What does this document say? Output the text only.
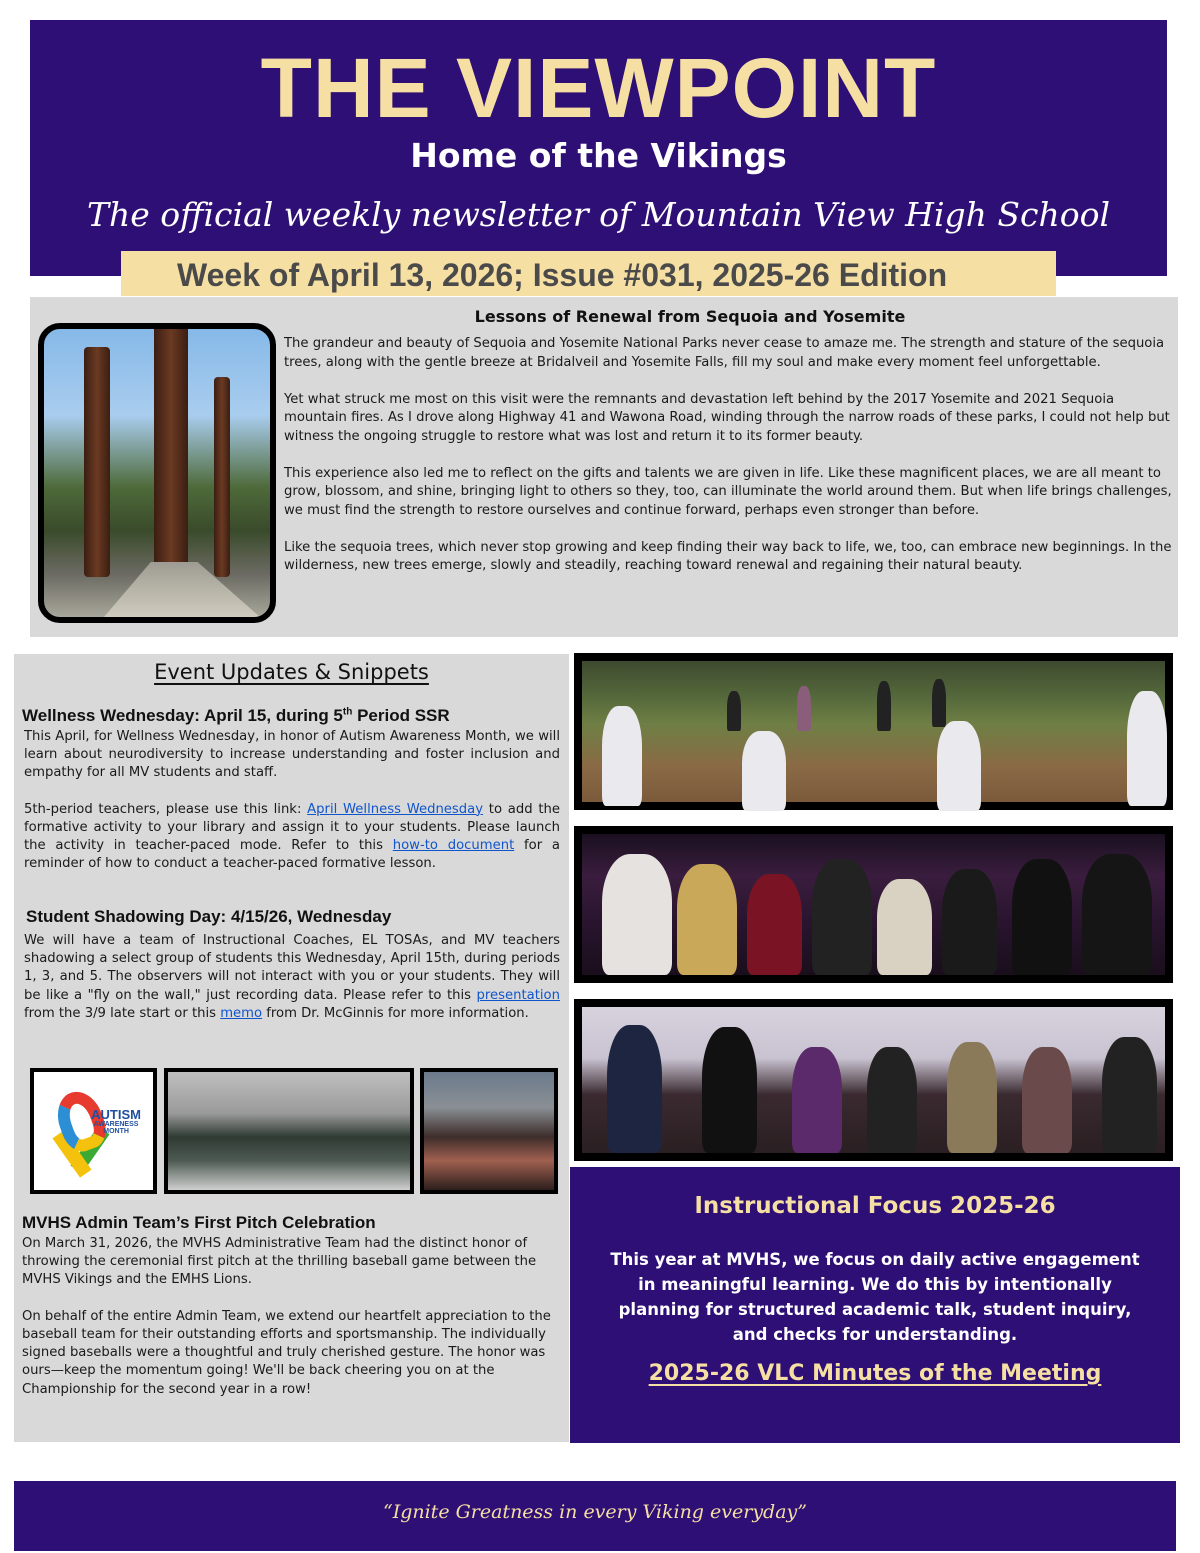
THE VIEWPOINT
Home of the Vikings
The official weekly newsletter of Mountain View High School
Week of April 13, 2026; Issue #031, 2025-26 Edition
Lessons of Renewal from Sequoia and Yosemite

The grandeur and beauty of Sequoia and Yosemite National Parks never cease to amaze me. The strength and stature of the sequoia trees, along with the gentle breeze at Bridalveil and Yosemite Falls, fill my soul and make every moment feel unforgettable.

Yet what struck me most on this visit were the remnants and devastation left behind by the 2017 Yosemite and 2021 Sequoia mountain fires. As I drove along Highway 41 and Wawona Road, winding through the narrow roads of these parks, I could not help but witness the ongoing struggle to restore what was lost and return it to its former beauty.

This experience also led me to reflect on the gifts and talents we are given in life. Like these magnificent places, we are all meant to grow, blossom, and shine, bringing light to others so they, too, can illuminate the world around them. But when life brings challenges, we must find the strength to restore ourselves and continue forward, perhaps even stronger than before.

Like the sequoia trees, which never stop growing and keep finding their way back to life, we, too, can embrace new beginnings. In the wilderness, new trees emerge, slowly and steadily, reaching toward renewal and regaining their natural beauty.

Event Updates & Snippets
Wellness Wednesday: April 15, during 5th Period SSR

This April, for Wellness Wednesday, in honor of Autism Awareness Month, we will learn about neurodiversity to increase understanding and foster inclusion and empathy for all MV students and staff.

5th-period teachers, please use this link: April Wellness Wednesday to add the formative activity to your library and assign it to your students. Please launch the activity in teacher-paced mode. Refer to this how-to document for a reminder of how to conduct a teacher-paced formative lesson.

Student Shadowing Day: 4/15/26, Wednesday

We will have a team of Instructional Coaches, EL TOSAs, and MV teachers shadowing a select group of students this Wednesday, April 15th, during periods 1, 3, and 5. The observers will not interact with you or your students. They will be like a "fly on the wall," just recording data. Please refer to this presentation from the 3/9 late start or this memo from Dr. McGinnis for more information.

AUTISM
AWARENESS
MONTH
MVHS Admin Team’s First Pitch Celebration

On March 31, 2026, the MVHS Administrative Team had the distinct honor of throwing the ceremonial first pitch at the thrilling baseball game between the MVHS Vikings and the EMHS Lions.

On behalf of the entire Admin Team, we extend our heartfelt appreciation to the baseball team for their outstanding efforts and sportsmanship. The individually signed baseballs were a thoughtful and truly cherished gesture. The honor was ours—keep the momentum going! We'll be back cheering you on at the Championship for the second year in a row!

Instructional Focus 2025-26
This year at MVHS, we focus on daily active engagement in meaningful learning. We do this by intentionally planning for structured academic talk, student inquiry, and checks for understanding.
2025-26 VLC Minutes of the Meeting
“Ignite Greatness in every Viking everyday”
